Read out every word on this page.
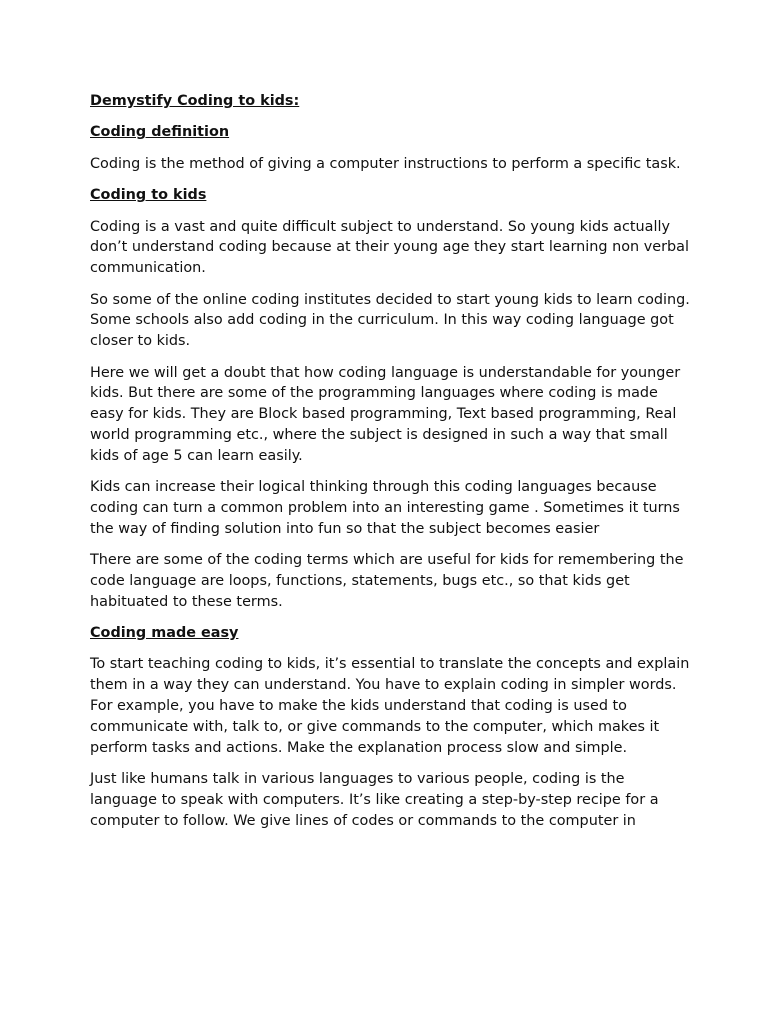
Demystify Coding to kids:
Coding definition
Coding is the method of giving a computer instructions to perform a specific task.
Coding to kids
Coding is a vast and quite difficult subject to understand. So young kids actually don’t understand coding because at their young age they start learning non verbal communication.
So some of the online coding institutes decided to start young kids to learn coding. Some schools also add coding in the curriculum. In this way coding language got closer to kids.
Here we will get a doubt that how coding language is understandable for younger kids. But there are some of the programming languages where coding is made easy for kids. They are Block based programming, Text based programming, Real world programming etc., where the subject is designed in such a way that small kids of age 5 can learn easily.
Kids can increase their logical thinking through this coding languages because coding can turn a common problem into an interesting game . Sometimes it turns the way of finding solution into fun so that the subject becomes easier
There are some of the coding terms which are useful for kids for remembering the code language are loops, functions, statements, bugs etc., so that kids get habituated to these terms.
Coding made easy
To start teaching coding to kids, it’s essential to translate the concepts and explain them in a way they can understand. You have to explain coding in simpler words. For example, you have to make the kids understand that coding is used to communicate with, talk to, or give commands to the computer, which makes it perform tasks and actions. Make the explanation process slow and simple.
Just like humans talk in various languages to various people, coding is the language to speak with computers. It’s like creating a step-by-step recipe for a computer to follow. We give lines of codes or commands to the computer in
